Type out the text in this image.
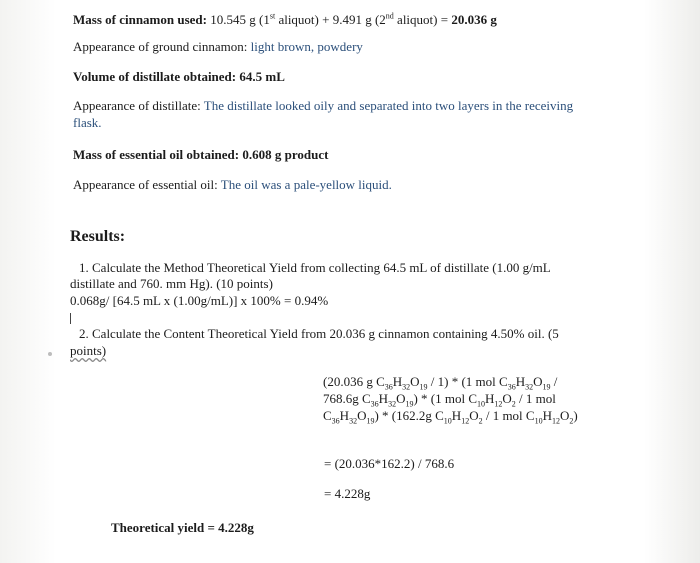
Mass of cinnamon used: 10.545 g (1st aliquot) + 9.491 g (2nd aliquot) = 20.036 g
Appearance of ground cinnamon: light brown, powdery
Volume of distillate obtained: 64.5 mL
Appearance of distillate: The distillate looked oily and separated into two layers in the receiving
flask.
Mass of essential oil obtained: 0.608 g product
Appearance of essential oil: The oil was a pale-yellow liquid.
Results:
1. Calculate the Method Theoretical Yield from collecting 64.5 mL of distillate (1.00 g/mL
distillate and 760. mm Hg). (10 points)
0.068g/ [64.5 mL x (1.00g/mL)] x 100% = 0.94%
2. Calculate the Content Theoretical Yield from 20.036 g cinnamon containing 4.50% oil. (5
points)
(20.036 g $C_{36}H_{32}O_{19} / 1) * (1$ mol $C_{36}H_{32}O_{19}$ /
768.6g $C_{36}H_{32}O_{19}) * (1$ mol $C_{10}H_{12}O_2 / 1$ mol
$C_{36}H_{32}O_{19}) * (162.2g$ $C_{10}H_{12}O_2 / 1$ mol $C_{10}H_{12}O_2$)
= (20.036*162.2) / 768.6
= 4.228g
Theoretical yield = 4.228g
